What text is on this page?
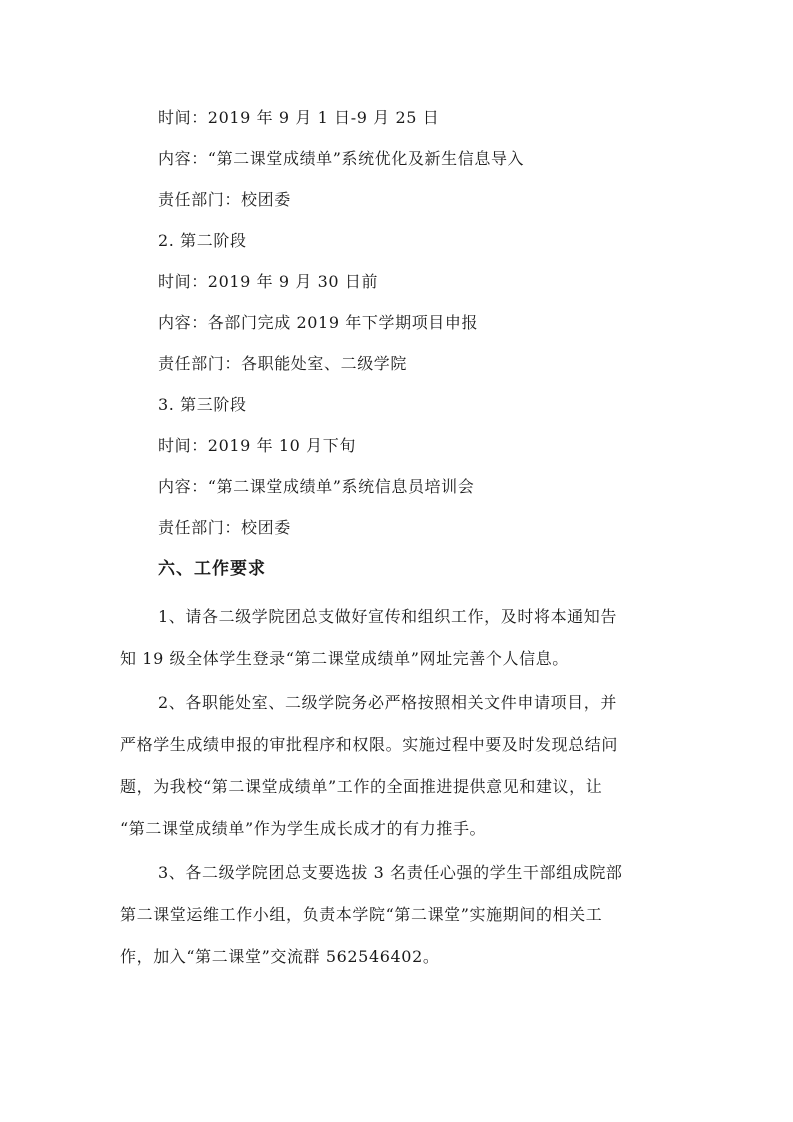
时间：2019 年 9 月 1 日-9 月 25 日
内容：“第二课堂成绩单”系统优化及新生信息导入
责任部门：校团委
2. 第二阶段
时间：2019 年 9 月 30 日前
内容：各部门完成 2019 年下学期项目申报
责任部门：各职能处室、二级学院
3. 第三阶段
时间：2019 年 10 月下旬
内容：“第二课堂成绩单”系统信息员培训会
责任部门：校团委
六、工作要求
1、请各二级学院团总支做好宣传和组织工作，及时将本通知告
知 19 级全体学生登录“第二课堂成绩单”网址完善个人信息。
2、各职能处室、二级学院务必严格按照相关文件申请项目，并
严格学生成绩申报的审批程序和权限。实施过程中要及时发现总结问
题，为我校“第二课堂成绩单”工作的全面推进提供意见和建议，让
“第二课堂成绩单”作为学生成长成才的有力推手。
3、各二级学院团总支要选拔 3 名责任心强的学生干部组成院部
第二课堂运维工作小组，负责本学院“第二课堂”实施期间的相关工
作，加入“第二课堂”交流群 562546402。
